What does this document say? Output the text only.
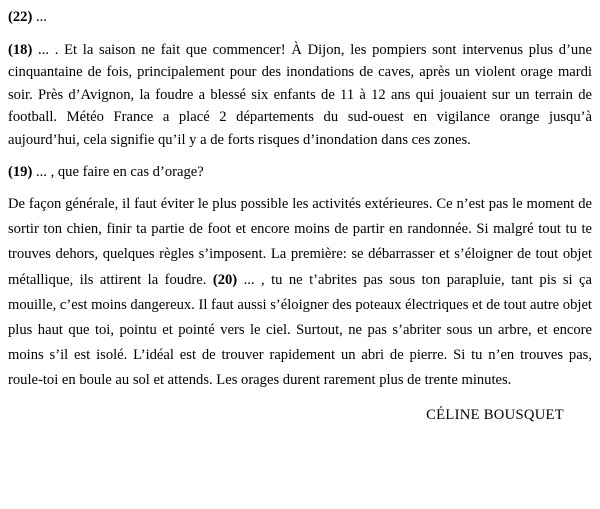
(22) ...

(18) ... . Et la saison ne fait que commencer! À Dijon, les pompiers sont intervenus plus d’une cinquantaine de fois, principalement pour des inondations de caves, après un violent orage mardi soir. Près d’Avignon, la foudre a blessé six enfants de 11 à 12 ans qui jouaient sur un terrain de football. Météo France a placé 2 départements du sud-ouest en vigilance orange jusqu’à aujourd’hui, cela signifie qu’il y a de forts risques d’inondation dans ces zones.

(19) ... , que faire en cas d’orage?

De façon générale, il faut éviter le plus possible les activités extérieures. Ce n’est pas le moment de sortir ton chien, finir ta partie de foot et encore moins de partir en randonnée. Si malgré tout tu te trouves dehors, quelques règles s’imposent. La première: se débarrasser et s’éloigner de tout objet métallique, ils attirent la foudre. (20) ... , tu ne t’abrites pas sous ton parapluie, tant pis si ça mouille, c’est moins dangereux. Il faut aussi s’éloigner des poteaux électriques et de tout autre objet plus haut que toi, pointu et pointé vers le ciel. Surtout, ne pas s’abriter sous un arbre, et encore moins s’il est isolé. L’idéal est de trouver rapidement un abri de pierre. Si tu n’en trouves pas, roule-toi en boule au sol et attends. Les orages durent rarement plus de trente minutes.

CÉLINE BOUSQUET
